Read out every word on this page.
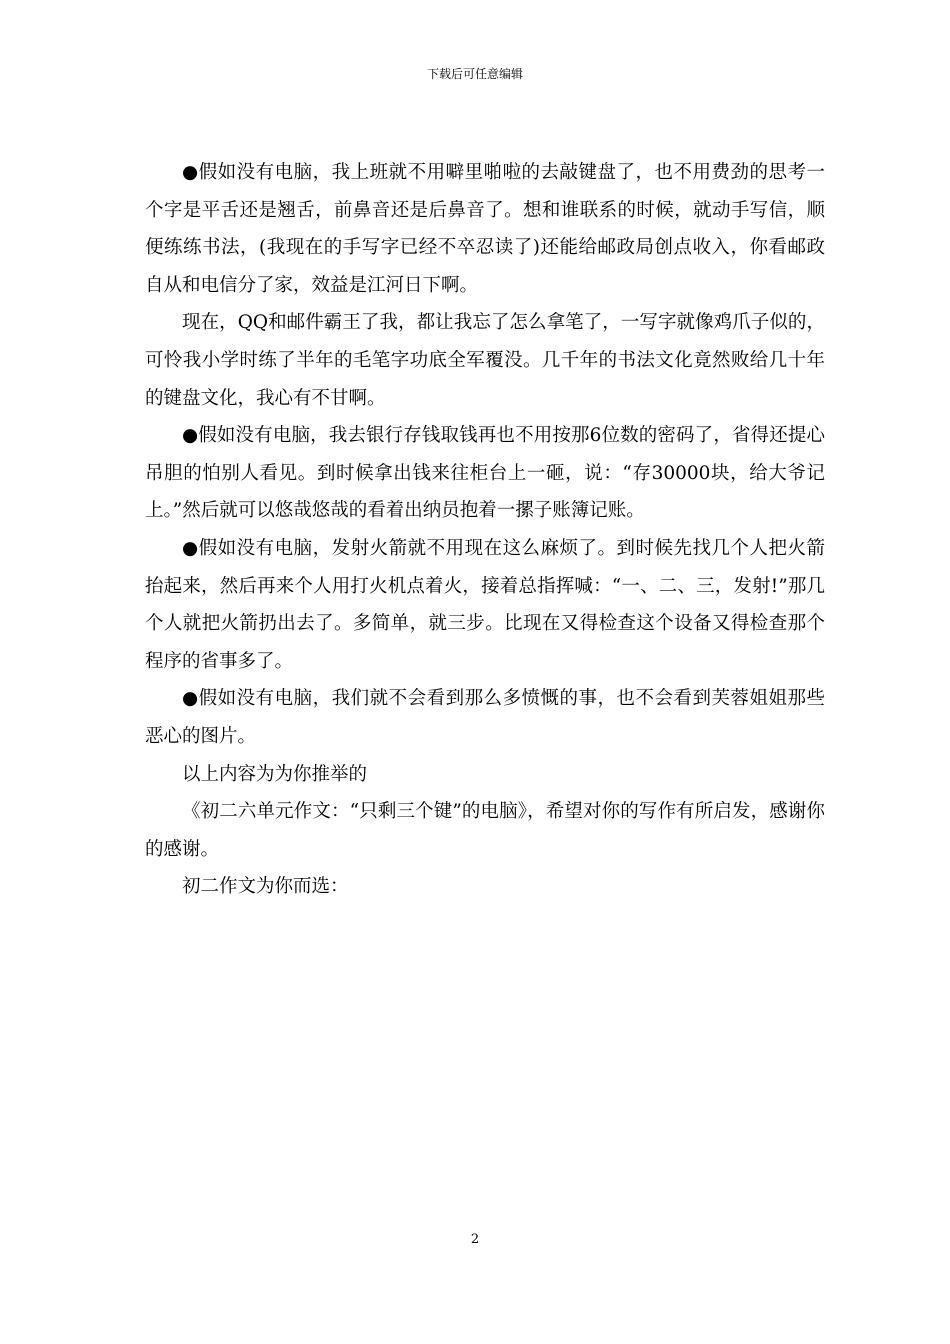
下载后可任意编辑

●假如没有电脑，我上班就不用噼里啪啦的去敲键盘了，也不用费劲的思考一个字是平舌还是翘舌，前鼻音还是后鼻音了。想和谁联系的时候，就动手写信，顺便练练书法，(我现在的手写字已经不卒忍读了)还能给邮政局创点收入，你看邮政自从和电信分了家，效益是江河日下啊。

现在，QQ和邮件霸王了我，都让我忘了怎么拿笔了，一写字就像鸡爪子似的，可怜我小学时练了半年的毛笔字功底全军覆没。几千年的书法文化竟然败给几十年的键盘文化，我心有不甘啊。

●假如没有电脑，我去银行存钱取钱再也不用按那6位数的密码了，省得还提心吊胆的怕别人看见。到时候拿出钱来往柜台上一砸，说：“存30000块，给大爷记上。”然后就可以悠哉悠哉的看着出纳员抱着一摞子账簿记账。

●假如没有电脑，发射火箭就不用现在这么麻烦了。到时候先找几个人把火箭抬起来，然后再来个人用打火机点着火，接着总指挥喊：“一、二、三，发射!”那几个人就把火箭扔出去了。多简单，就三步。比现在又得检查这个设备又得检查那个程序的省事多了。

●假如没有电脑，我们就不会看到那么多愤慨的事，也不会看到芙蓉姐姐那些恶心的图片。

以上内容为为你推举的

《初二六单元作文：“只剩三个键”的电脑》，希望对你的写作有所启发，感谢你的感谢。

初二作文为你而选：

2
